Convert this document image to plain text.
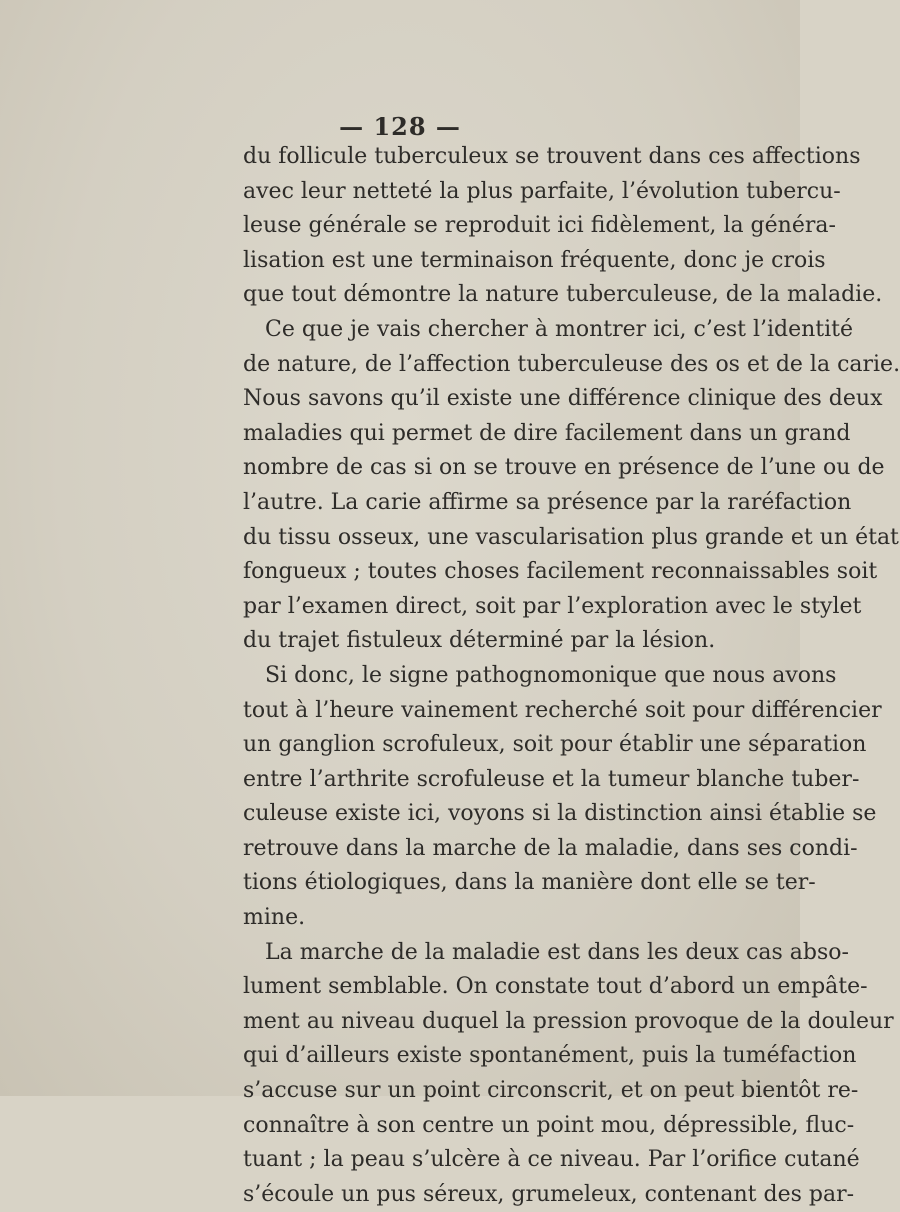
— 128 —
du follicule tuberculeux se trouvent dans ces affections
avec leur netteté la plus parfaite, l’évolution tubercu-
leuse générale se reproduit ici fidèlement, la généra-
lisation est une terminaison fréquente, donc je crois
que tout démontre la nature tuberculeuse, de la maladie.
Ce que je vais chercher à montrer ici, c’est l’identité
de nature, de l’affection tuberculeuse des os et de la carie.
Nous savons qu’il existe une différence clinique des deux
maladies qui permet de dire facilement dans un grand
nombre de cas si on se trouve en présence de l’une ou de
l’autre. La carie affirme sa présence par la raréfaction
du tissu osseux, une vascularisation plus grande et un état
fongueux ; toutes choses facilement reconnaissables soit
par l’examen direct, soit par l’exploration avec le stylet
du trajet fistuleux déterminé par la lésion.
Si donc, le signe pathognomonique que nous avons
tout à l’heure vainement recherché soit pour différencier
un ganglion scrofuleux, soit pour établir une séparation
entre l’arthrite scrofuleuse et la tumeur blanche tuber-
culeuse existe ici, voyons si la distinction ainsi établie se
retrouve dans la marche de la maladie, dans ses condi-
tions étiologiques, dans la manière dont elle se ter-
mine.
La marche de la maladie est dans les deux cas abso-
lument semblable. On constate tout d’abord un empâte-
ment au niveau duquel la pression provoque de la douleur
qui d’ailleurs existe spontanément, puis la tuméfaction
s’accuse sur un point circonscrit, et on peut bientôt re-
connaître à son centre un point mou, dépressible, fluc-
tuant ; la peau s’ulcère à ce niveau. Par l’orifice cutané
s’écoule un pus séreux, grumeleux, contenant des par-
